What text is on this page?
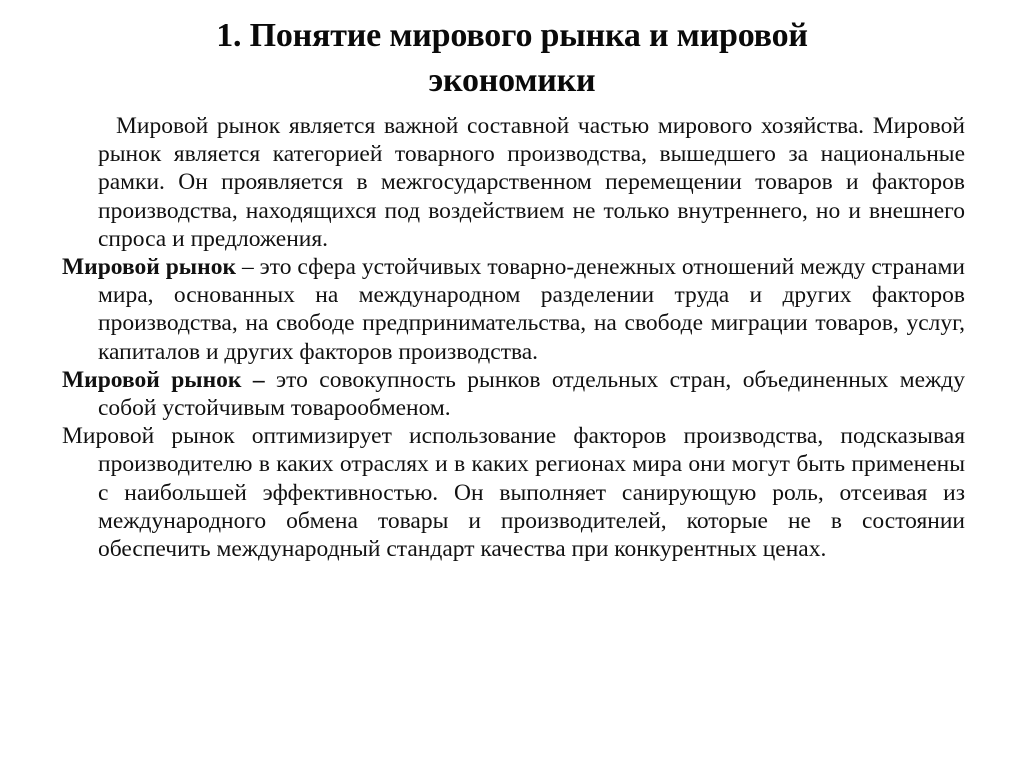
1. Понятие мирового рынка и мировой
экономики

Мировой рынок является важной составной частью мирового хозяйства. Мировой рынок является категорией товарного производства, вышедшего за национальные рамки. Он проявляется в межгосударственном перемещении товаров и факторов производства, находящихся под воздействием не только внутреннего, но и внешнего спроса и предложения.

Мировой рынок – это сфера устойчивых товарно-денежных отношений между странами мира, основанных на международном разделении труда и других факторов производства, на свободе предпринимательства, на свободе миграции товаров, услуг, капиталов и других факторов производства.

Мировой рынок – это совокупность рынков отдельных стран, объединенных между собой устойчивым товарообменом.

Мировой рынок оптимизирует использование факторов производства, подсказывая производителю в каких отраслях и в каких регионах мира они могут быть применены с наибольшей эффективностью. Он выполняет санирующую роль, отсеивая из международного обмена товары и производителей, которые не в состоянии обеспечить международный стандарт качества при конкурентных ценах.
